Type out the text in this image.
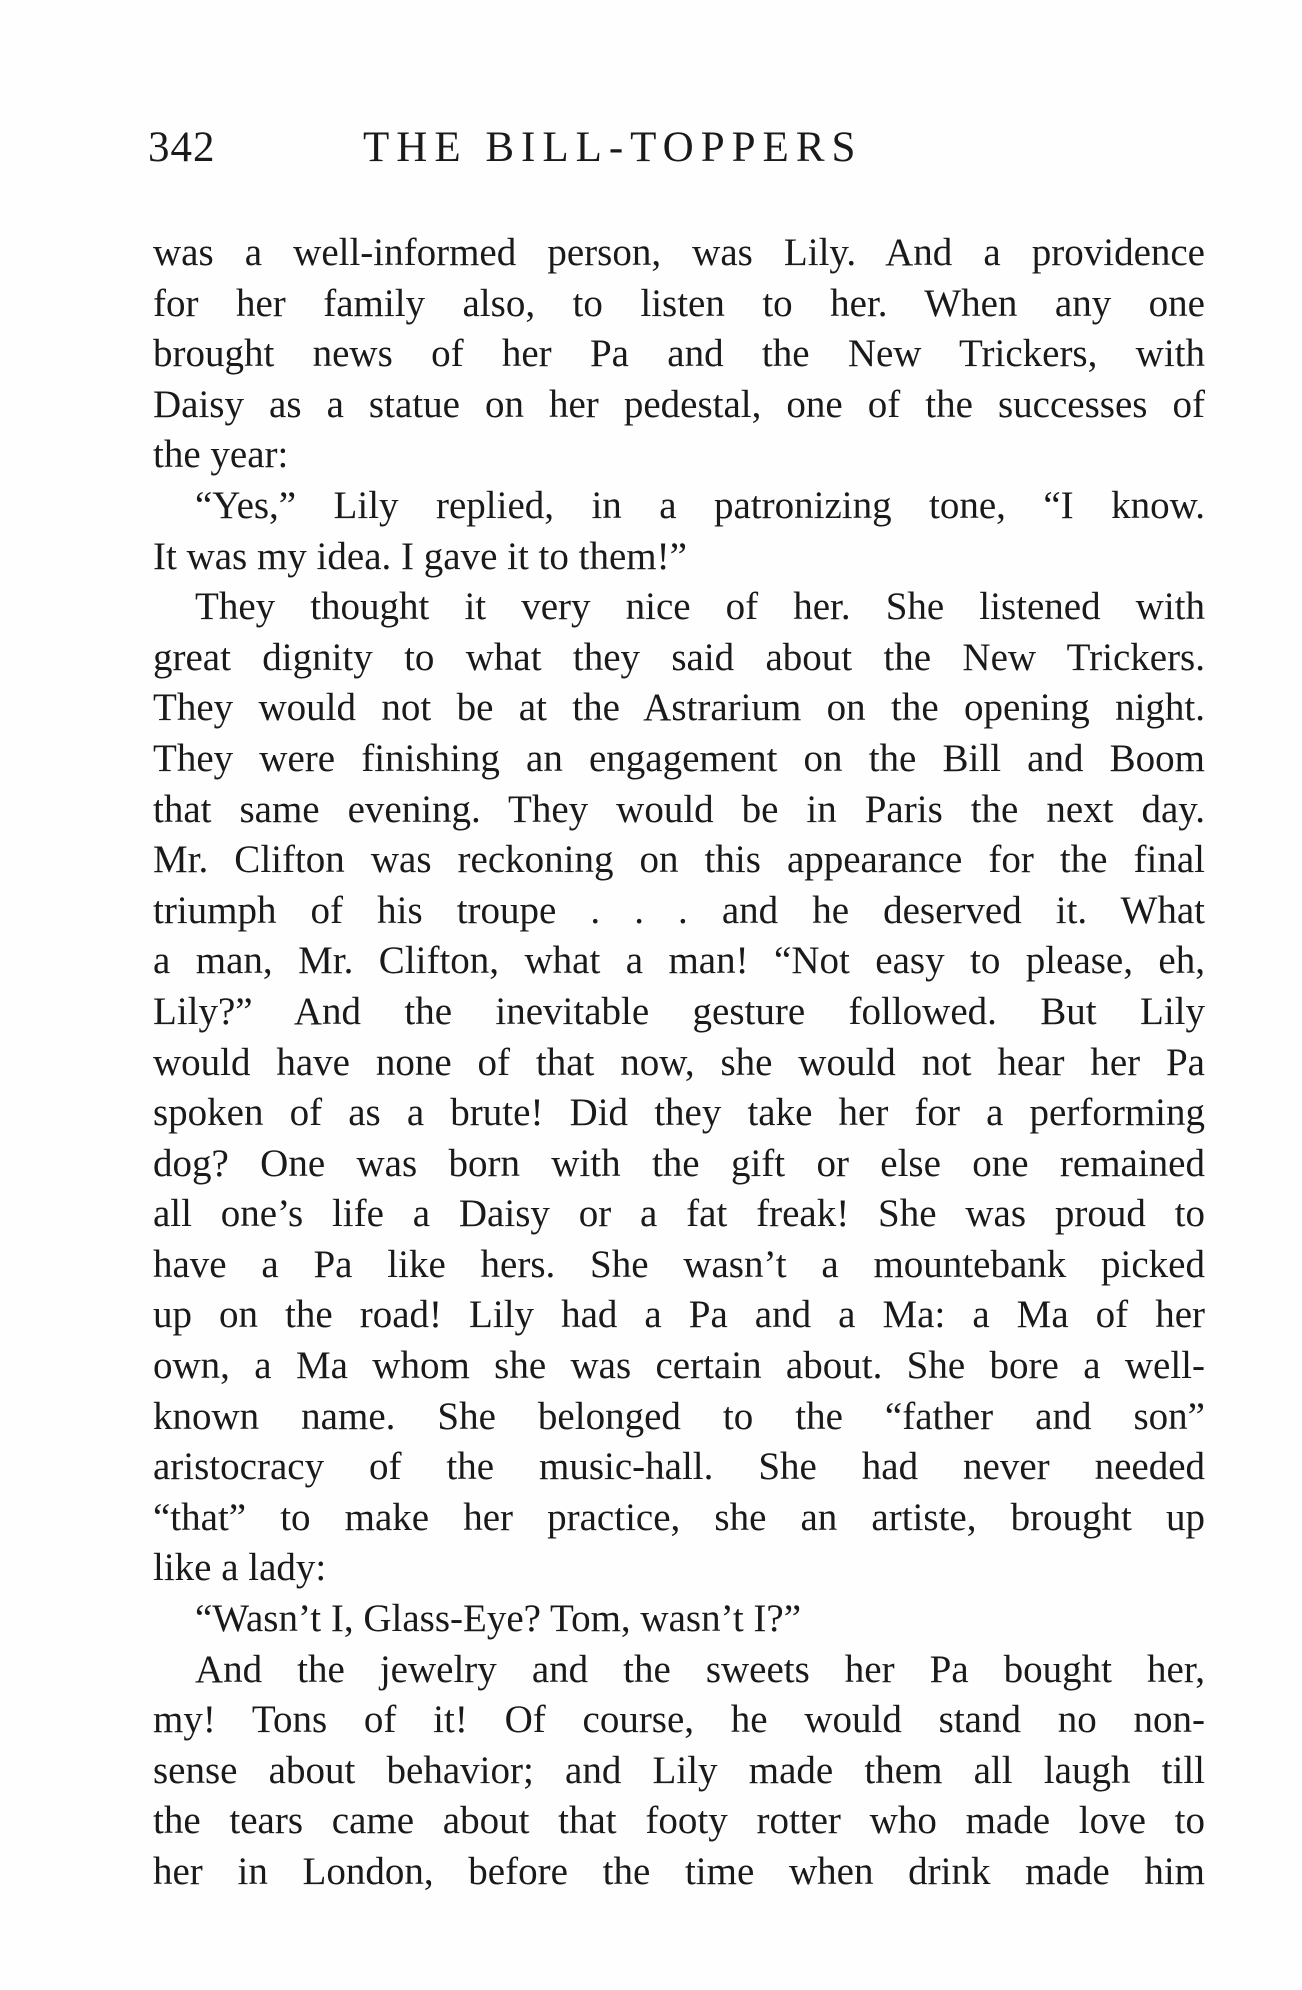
342	THE BILL-TOPPERS
was a well-informed person, was Lily. And a providence
for her family also, to listen to her. When any one
brought news of her Pa and the New Trickers, with
Daisy as a statue on her pedestal, one of the successes of
the year:
“Yes,” Lily replied, in a patronizing tone, “I know.
It was my idea. I gave it to them!”
They thought it very nice of her. She listened with
great dignity to what they said about the New Trickers.
They would not be at the Astrarium on the opening night.
They were finishing an engagement on the Bill and Boom
that same evening. They would be in Paris the next day.
Mr. Clifton was reckoning on this appearance for the final
triumph of his troupe . . . and he deserved it. What
a man, Mr. Clifton, what a man! “Not easy to please, eh,
Lily?” And the inevitable gesture followed. But Lily
would have none of that now, she would not hear her Pa
spoken of as a brute! Did they take her for a performing
dog? One was born with the gift or else one remained
all one’s life a Daisy or a fat freak! She was proud to
have a Pa like hers. She wasn’t a mountebank picked
up on the road! Lily had a Pa and a Ma: a Ma of her
own, a Ma whom she was certain about. She bore a well-
known name. She belonged to the “father and son”
aristocracy of the music-hall. She had never needed
“that” to make her practice, she an artiste, brought up
like a lady:
“Wasn’t I, Glass-Eye? Tom, wasn’t I?”
And the jewelry and the sweets her Pa bought her,
my! Tons of it! Of course, he would stand no non-
sense about behavior; and Lily made them all laugh till
the tears came about that footy rotter who made love to
her in London, before the time when drink made him
